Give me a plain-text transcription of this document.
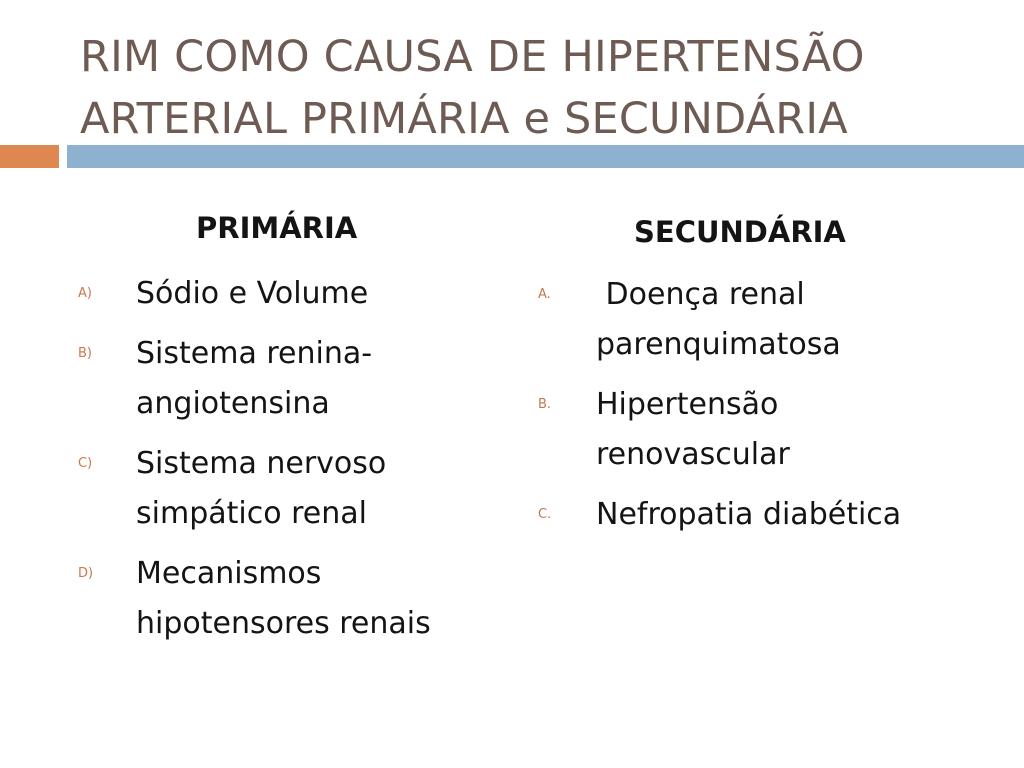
RIM COMO CAUSA DE HIPERTENSÃO
ARTERIAL PRIMÁRIA e SECUNDÁRIA
PRIMÁRIA
A) Sódio e Volume
B) Sistema renina-
angiotensina
C) Sistema nervoso
simpático renal
D) Mecanismos
hipotensores renais
SECUNDÁRIA
A. Doença renal
parenquimatosa
B. Hipertensão
renovascular
C. Nefropatia diabética
